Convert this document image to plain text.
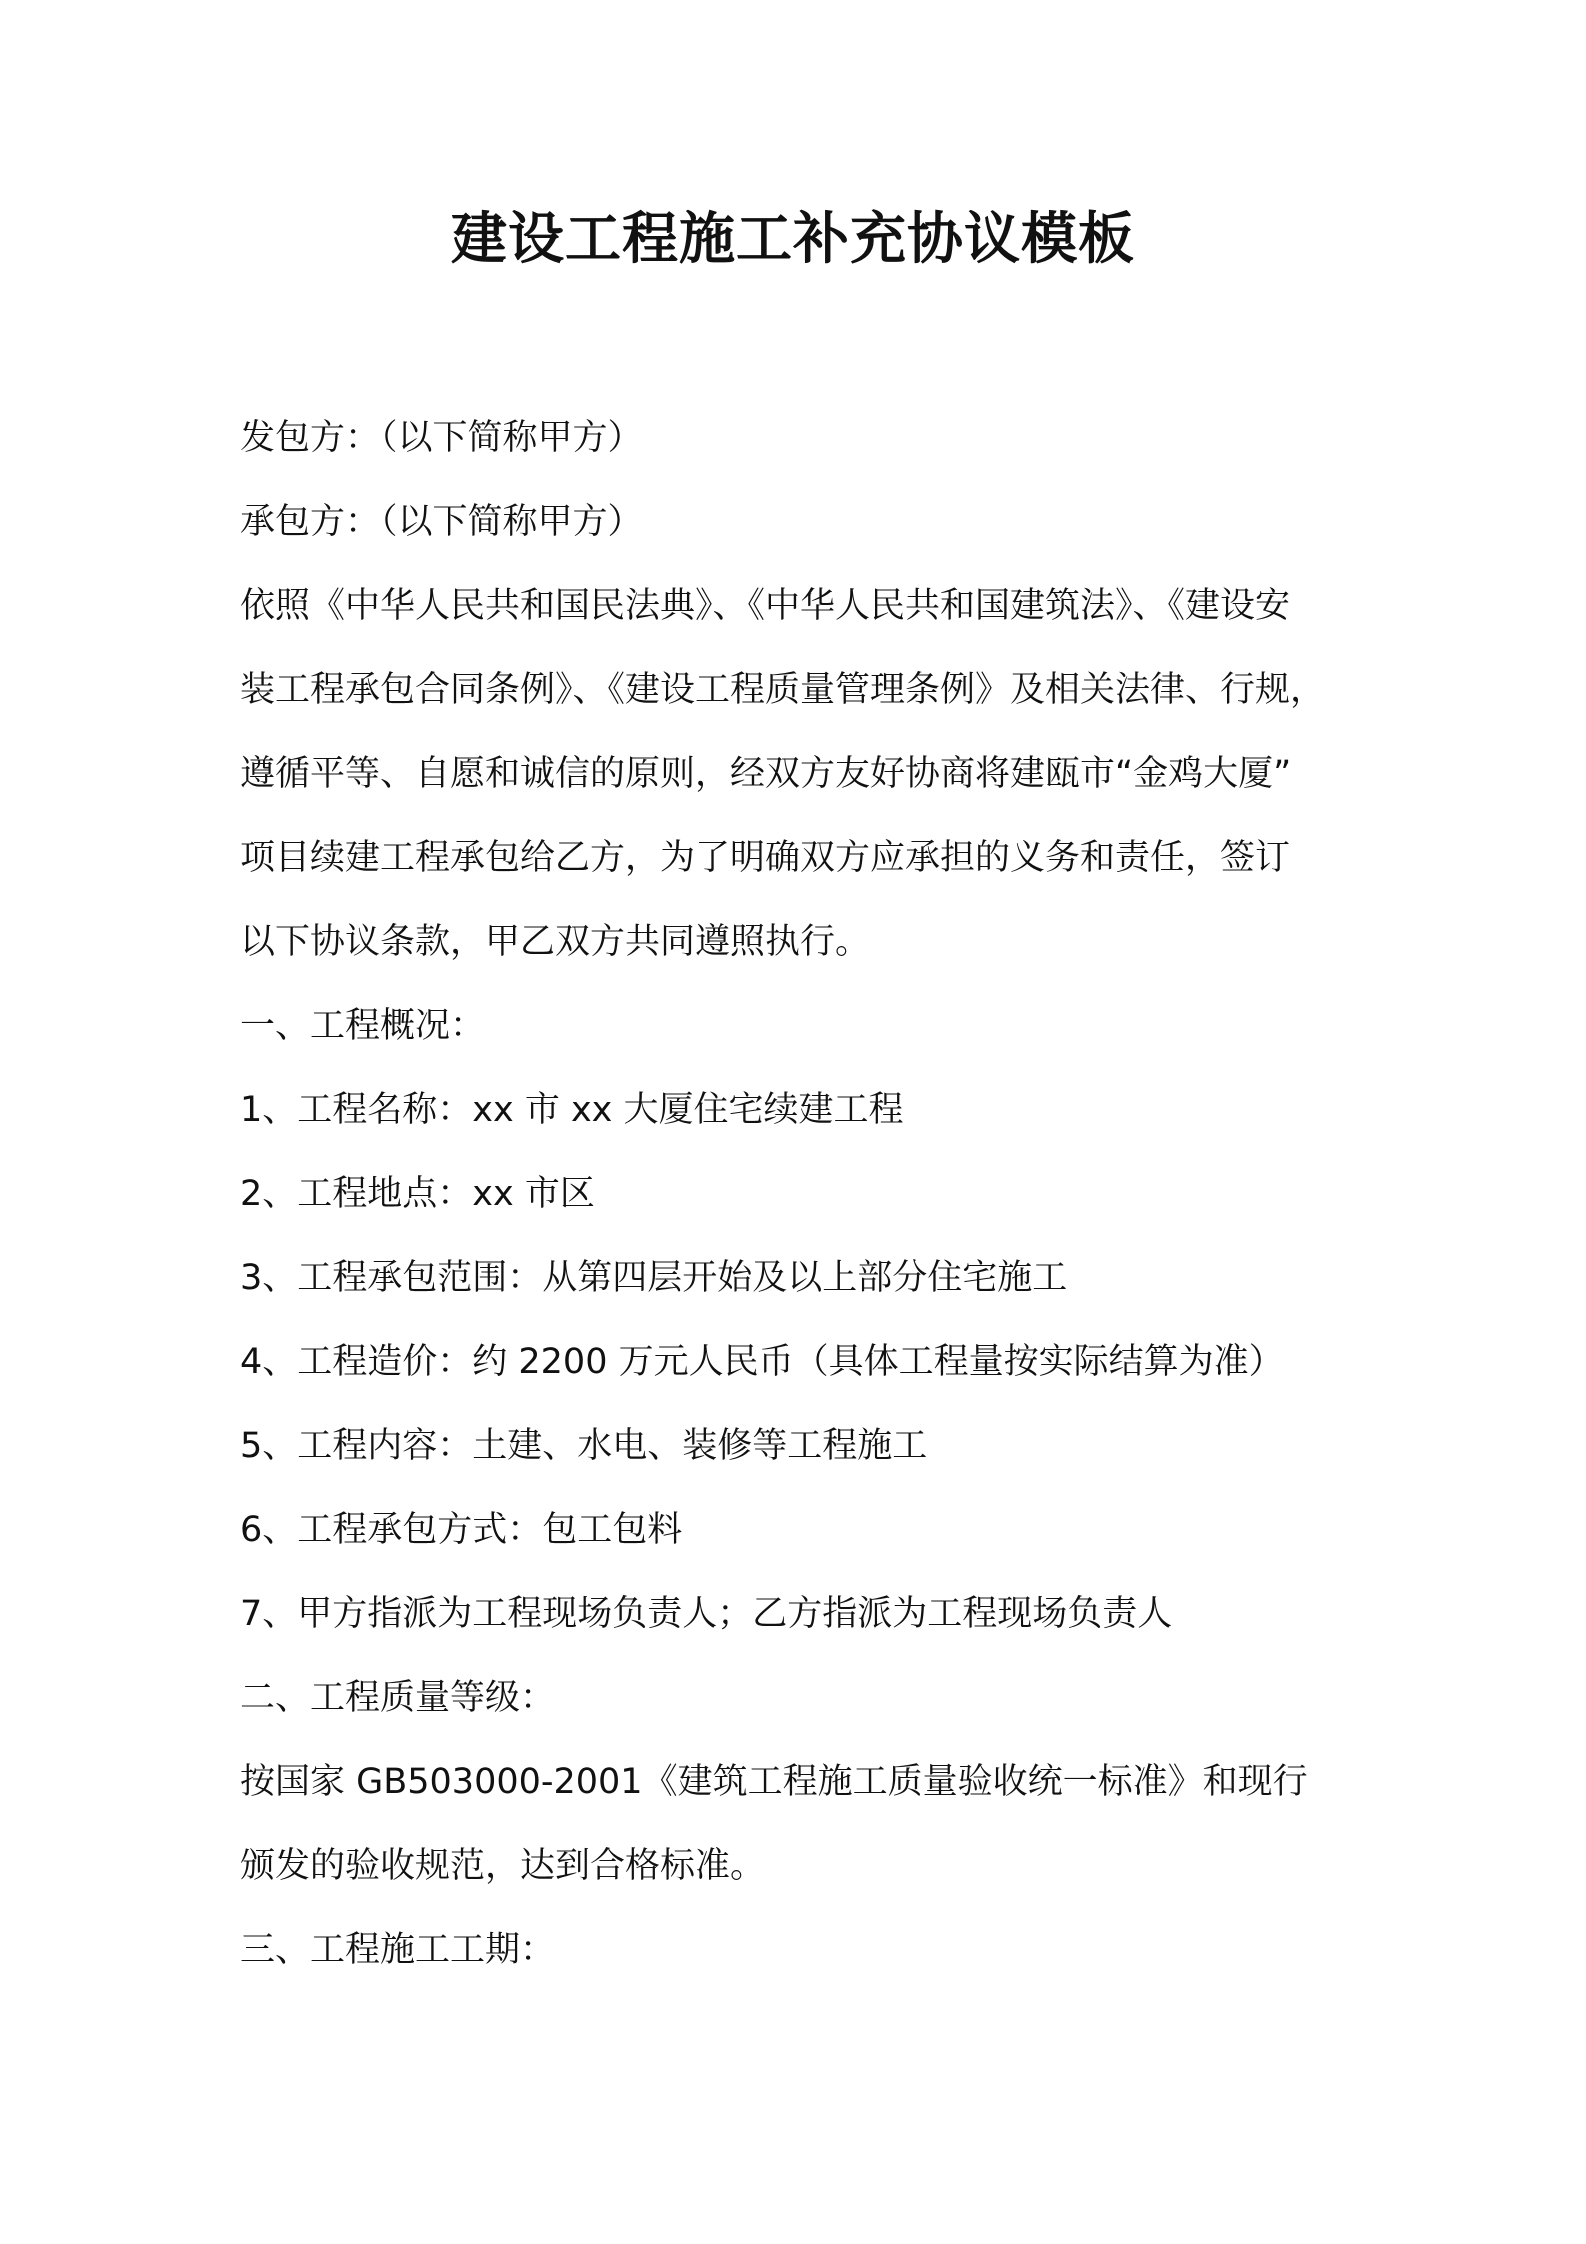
建设工程施工补充协议模板
发包方：（以下简称甲方）
承包方：（以下简称甲方）
依照《中华人民共和国民法典》、《中华人民共和国建筑法》、《建设安
装工程承包合同条例》、《建设工程质量管理条例》及相关法律、行规，
遵循平等、自愿和诚信的原则，经双方友好协商将建瓯市“金鸡大厦”
项目续建工程承包给乙方，为了明确双方应承担的义务和责任，签订
以下协议条款，甲乙双方共同遵照执行。
一、工程概况：
1、工程名称：xx 市 xx 大厦住宅续建工程
2、工程地点：xx 市区
3、工程承包范围：从第四层开始及以上部分住宅施工
4、工程造价：约 2200 万元人民币（具体工程量按实际结算为准）
5、工程内容：土建、水电、装修等工程施工
6、工程承包方式：包工包料
7、甲方指派为工程现场负责人；乙方指派为工程现场负责人
二、工程质量等级：
按国家 GB503000-2001《建筑工程施工质量验收统一标准》和现行
颁发的验收规范，达到合格标准。
三、工程施工工期：
